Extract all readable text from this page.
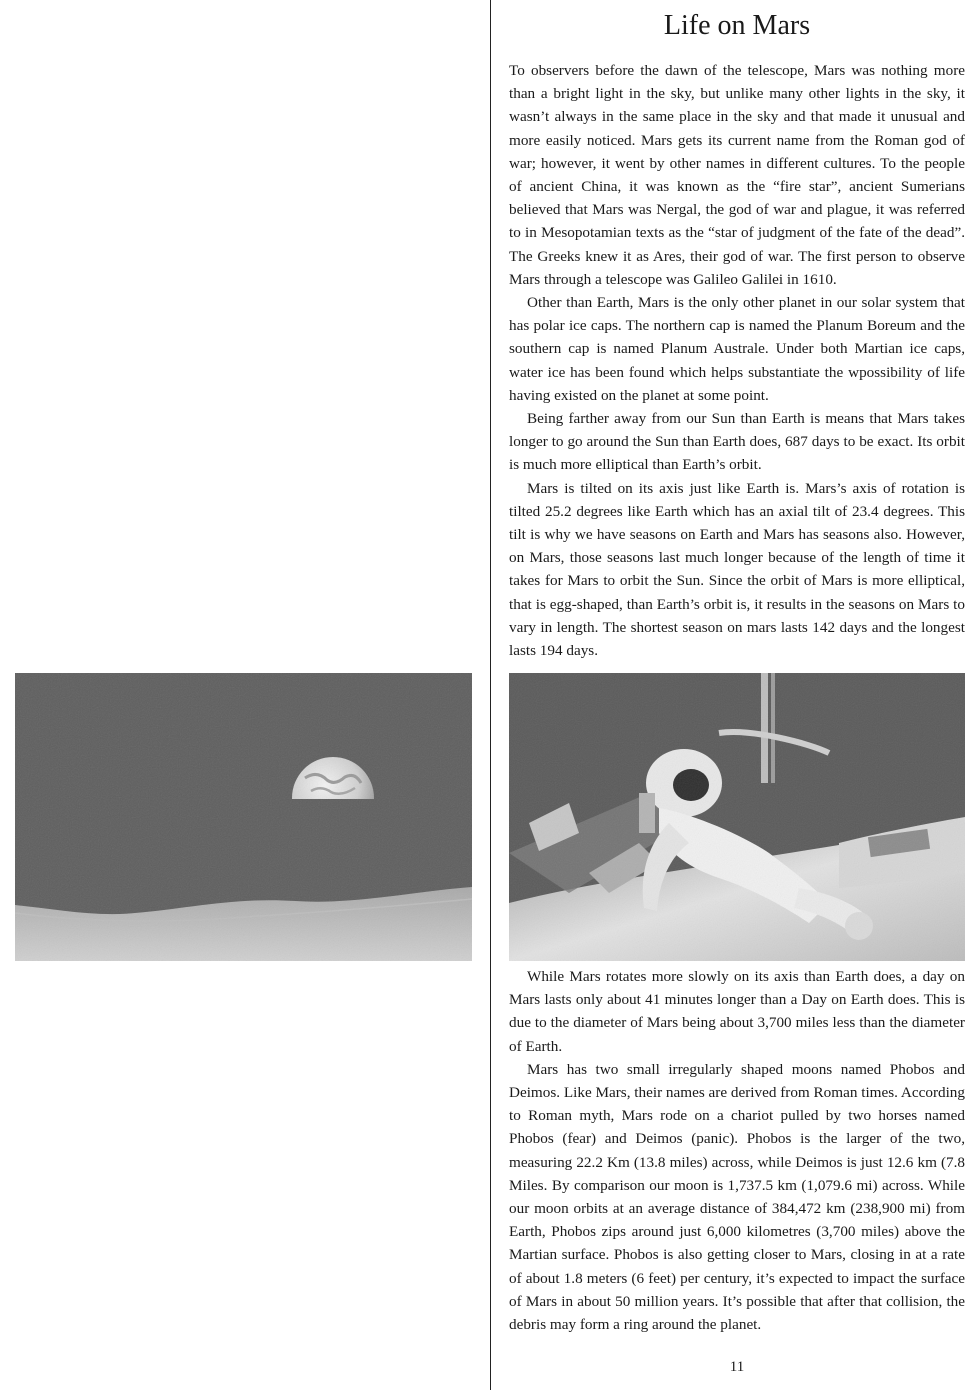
Life on Mars

To observers before the dawn of the telescope, Mars was nothing more than a bright light in the sky, but unlike many other lights in the sky, it wasn’t always in the same place in the sky and that made it unusual and more easily noticed. Mars gets its current name from the Roman god of war; however, it went by other names in different cultures. To the people of ancient China, it was known as the “fire star”, ancient Sumerians believed that Mars was Nergal, the god of war and plague, it was referred to in Mesopotamian texts as the “star of judgment of the fate of the dead”. The Greeks knew it as Ares, their god of war. The first person to observe Mars through a telescope was Galileo Galilei in 1610.

Other than Earth, Mars is the only other planet in our solar system that has polar ice caps. The northern cap is named the Planum Boreum and the southern cap is named Planum Australe. Under both Martian ice caps, water ice has been found which helps substantiate the wpossibility of life having existed on the planet at some point.

Being farther away from our Sun than Earth is means that Mars takes longer to go around the Sun than Earth does, 687 days to be exact. Its orbit is much more elliptical than Earth’s orbit.

Mars is tilted on its axis just like Earth is. Mars’s axis of rotation is tilted 25.2 degrees like Earth which has an axial tilt of 23.4 degrees. This tilt is why we have seasons on Earth and Mars has seasons also. However, on Mars, those seasons last much longer because of the length of time it takes for Mars to orbit the Sun. Since the orbit of Mars is more elliptical, that is egg-shaped, than Earth’s orbit is, it results in the seasons on Mars to vary in length. The shortest season on mars lasts 142 days and the longest lasts 194 days.

While Mars rotates more slowly on its axis than Earth does, a day on Mars lasts only about 41 minutes longer than a Day on Earth does. This is due to the diameter of Mars being about 3,700 miles less than the diameter of Earth.

Mars has two small irregularly shaped moons named Phobos and Deimos. Like Mars, their names are derived from Roman times. According to Roman myth, Mars rode on a chariot pulled by two horses named Phobos (fear) and Deimos (panic). Phobos is the larger of the two, measuring 22.2 Km (13.8 miles) across, while Deimos is just 12.6 km (7.8 Miles. By comparison our moon is 1,737.5 km (1,079.6 mi) across. While our moon orbits at an average distance of 384,472 km (238,900 mi) from Earth, Phobos zips around just 6,000 kilometres (3,700 miles) above the Martian surface. Phobos is also getting closer to Mars, closing in at a rate of about 1.8 meters (6 feet) per century, it’s expected to impact the surface of Mars in about 50 million years. It’s possible that after that collision, the debris may form a ring around the planet.

11
